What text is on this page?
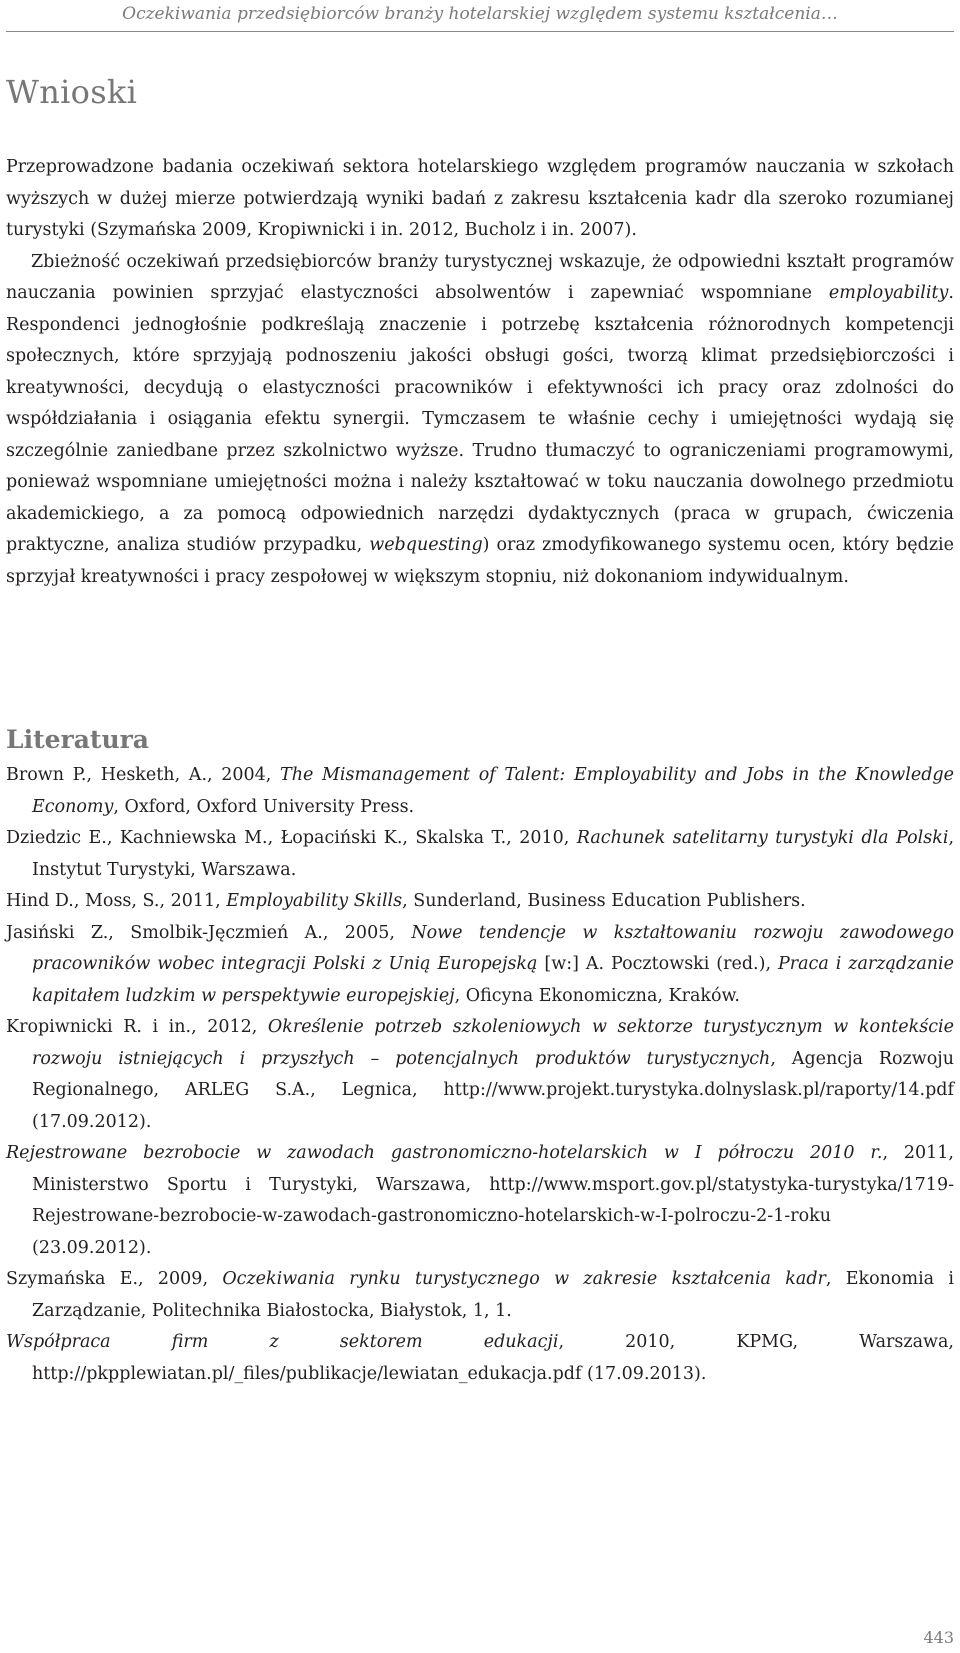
Oczekiwania przedsiębiorców branży hotelarskiej względem systemu kształcenia…
Wnioski

Przeprowadzone badania oczekiwań sektora hotelarskiego względem programów nauczania w szkołach wyższych w dużej mierze potwierdzają wyniki badań z zakresu kształcenia kadr dla szeroko rozumianej turystyki (Szymańska 2009, Kropiwnicki i in. 2012, Bucholz i in. 2007).

Zbieżność oczekiwań przedsiębiorców branży turystycznej wskazuje, że odpowiedni kształt programów nauczania powinien sprzyjać elastyczności absolwentów i zapewniać wspomniane employability. Respondenci jednogłośnie podkreślają znaczenie i potrzebę kształcenia różnorodnych kompetencji społecznych, które sprzyjają podnoszeniu jakości obsługi gości, tworzą klimat przedsiębiorczości i kreatywności, decydują o elastyczności pracowników i efektywności ich pracy oraz zdolności do współdziałania i osiągania efektu synergii. Tymczasem te właśnie cechy i umiejętności wydają się szczególnie zaniedbane przez szkolnictwo wyższe. Trudno tłumaczyć to ograniczeniami programowymi, ponieważ wspomniane umiejętności można i należy kształtować w toku nauczania dowolnego przedmiotu akademickiego, a za pomocą odpowiednich narzędzi dydaktycznych (praca w grupach, ćwiczenia praktyczne, analiza studiów przypadku, webquesting) oraz zmodyfikowanego systemu ocen, który będzie sprzyjał kreatywności i pracy zespołowej w większym stopniu, niż dokonaniom indywidualnym.

Literatura
Brown P., Hesketh, A., 2004, The Mismanagement of Talent: Employability and Jobs in the Knowledge Economy, Oxford, Oxford University Press.
Dziedzic E., Kachniewska M., Łopaciński K., Skalska T., 2010, Rachunek satelitarny turystyki dla Polski, Instytut Turystyki, Warszawa.
Hind D., Moss, S., 2011, Employability Skills, Sunderland, Business Education Publishers.
Jasiński Z., Smolbik-Jęczmień A., 2005, Nowe tendencje w kształtowaniu rozwoju zawodowego pracowników wobec integracji Polski z Unią Europejską [w:] A. Pocztowski (red.), Praca i zarządzanie kapitałem ludzkim w perspektywie europejskiej, Oficyna Ekonomiczna, Kraków.
Kropiwnicki R. i in., 2012, Określenie potrzeb szkoleniowych w sektorze turystycznym w kontekście rozwoju istniejących i przyszłych – potencjalnych produktów turystycznych, Agencja Rozwoju Regionalnego, ARLEG S.A., Legnica, http://www.projekt.turystyka.dolnyslask.pl/raporty/14.pdf (17.09.2012).
Rejestrowane bezrobocie w zawodach gastronomiczno-hotelarskich w I półroczu 2010 r., 2011, Ministerstwo Sportu i Turystyki, Warszawa, http://www.msport.gov.pl/statystyka-turystyka/1719-Rejestrowane-bezrobocie-w-zawodach-gastronomiczno-hotelarskich-w-I-polroczu-2-1-roku (23.09.2012).
Szymańska E., 2009, Oczekiwania rynku turystycznego w zakresie kształcenia kadr, Ekonomia i Zarządzanie, Politechnika Białostocka, Białystok, 1, 1.
Współpraca firm z sektorem edukacji, 2010, KPMG, Warszawa, http://pkpplewiatan.pl/_files/publikacje/lewiatan_edukacja.pdf (17.09.2013).
443
